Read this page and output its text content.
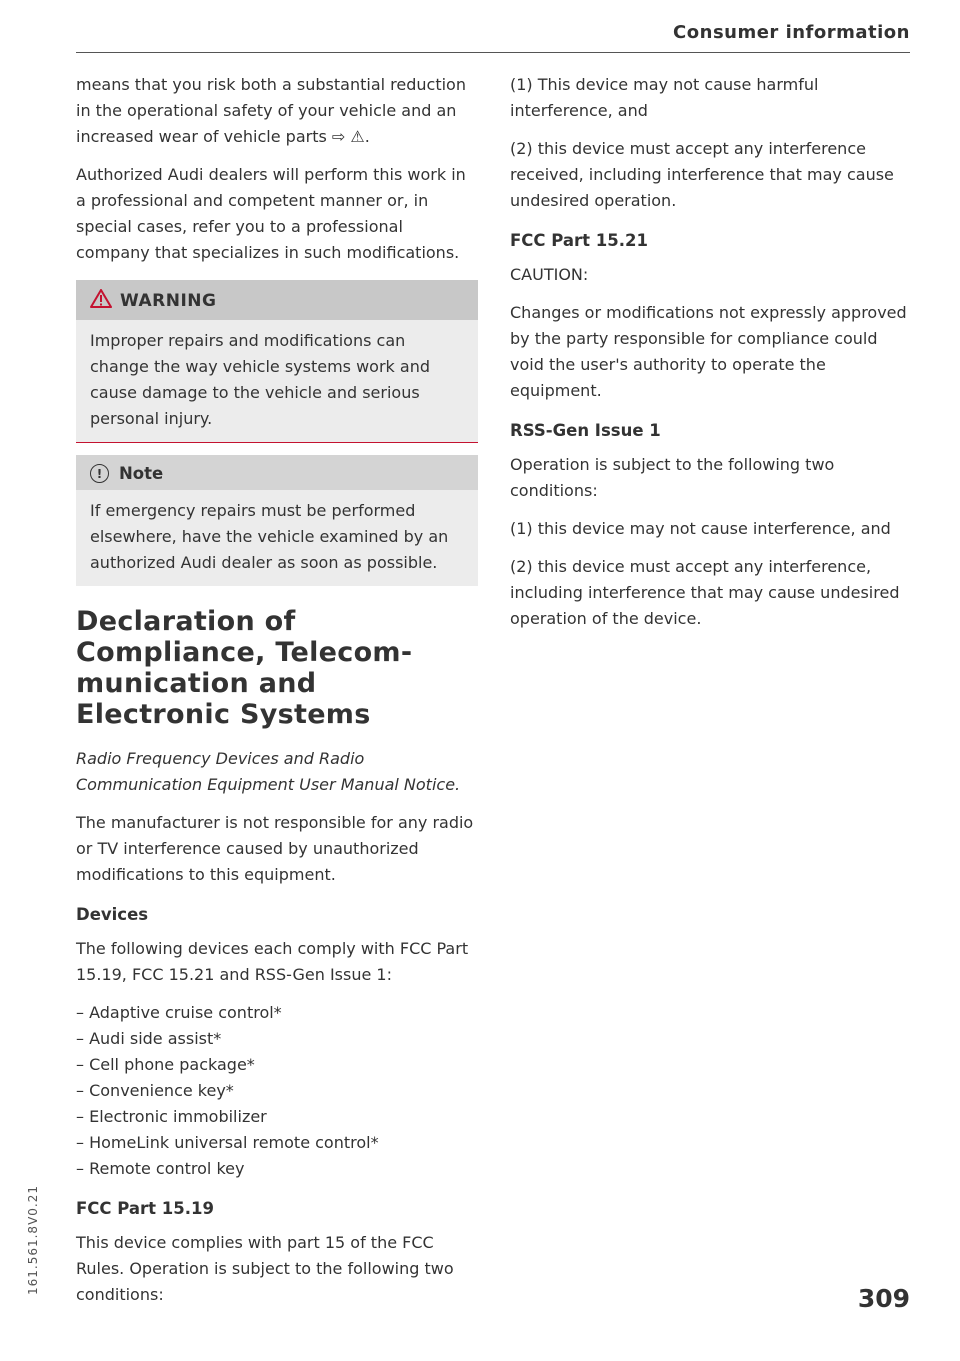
Consumer information

means that you risk both a substantial reduction in the operational safety of your vehicle and an increased wear of vehicle parts ⇨ ⚠.

Authorized Audi dealers will perform this work in a professional and competent manner or, in special cases, refer you to a professional company that specializes in such modifications.

WARNING

Improper repairs and modifications can change the way vehicle systems work and cause damage to the vehicle and serious personal injury.

!	Note

If emergency repairs must be performed elsewhere, have the vehicle examined by an authorized Audi dealer as soon as possible.

Declaration of
Compliance, Telecom-
munication and
Electronic Systems

Radio Frequency Devices and Radio Communication Equipment User Manual Notice.

The manufacturer is not responsible for any radio or TV interference caused by unauthorized modifications to this equipment.

Devices

The following devices each comply with FCC Part 15.19, FCC 15.21 and RSS-Gen Issue 1:

– Adaptive cruise control*
– Audi side assist*
– Cell phone package*
– Convenience key*
– Electronic immobilizer
– HomeLink universal remote control*
– Remote control key
FCC Part 15.19

This device complies with part 15 of the FCC Rules. Operation is subject to the following two conditions:

(1) This device may not cause harmful interference, and

(2) this device must accept any interference received, including interference that may cause undesired operation.

FCC Part 15.21

CAUTION:

Changes or modifications not expressly approved by the party responsible for compliance could void the user's authority to operate the equipment.

RSS-Gen Issue 1

Operation is subject to the following two conditions:

(1) this device may not cause interference, and

(2) this device must accept any interference, including interference that may cause undesired operation of the device.

161.561.8V0.21
309
